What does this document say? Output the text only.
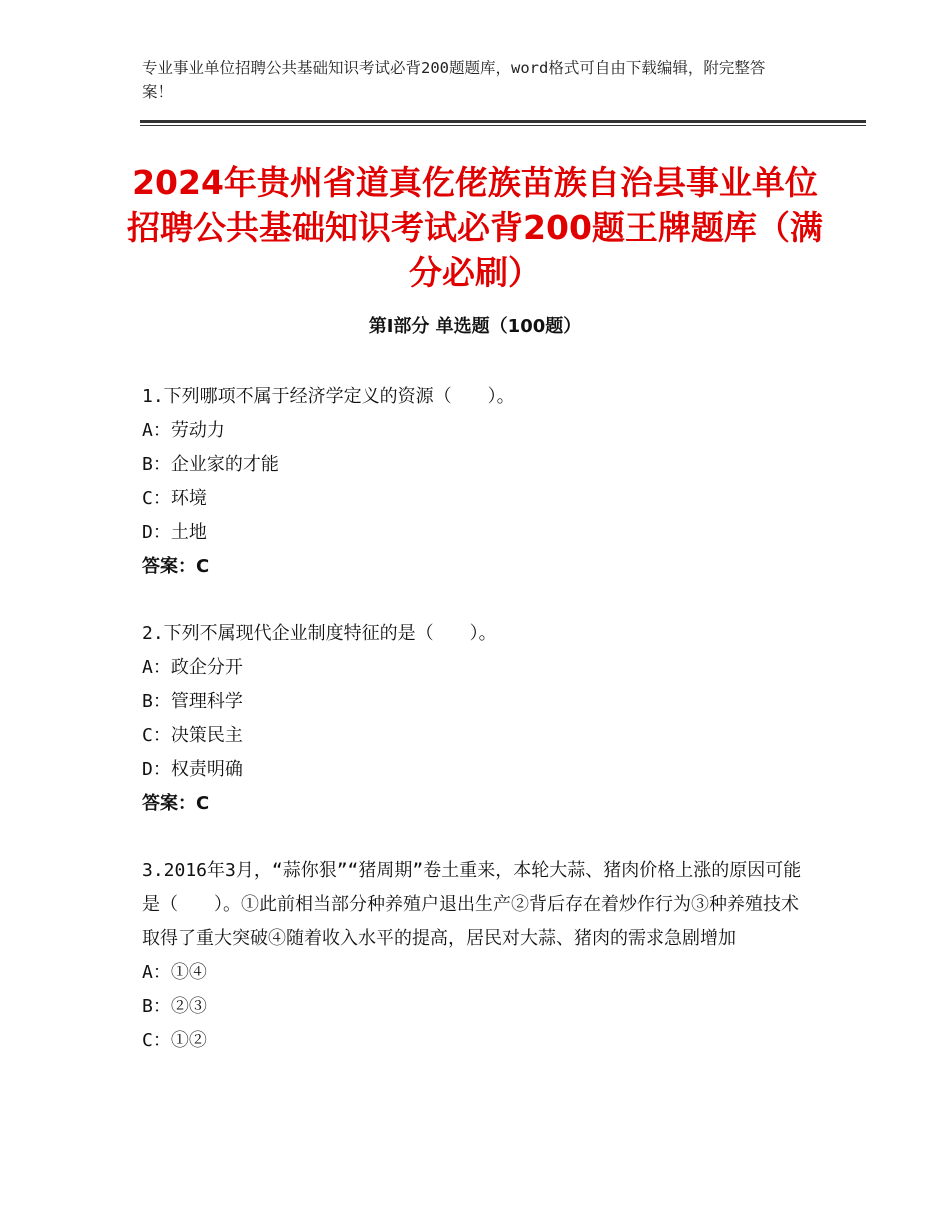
专业事业单位招聘公共基础知识考试必背200题题库，word格式可自由下载编辑，附完整答案！
2024年贵州省道真仡佬族苗族自治县事业单位招聘公共基础知识考试必背200题王牌题库（满分必刷）
第Ⅰ部分 单选题（100题）
1.下列哪项不属于经济学定义的资源（　　）。
A：劳动力
B：企业家的才能
C：环境
D：土地
答案：C
2.下列不属现代企业制度特征的是（　　）。
A：政企分开
B：管理科学
C：决策民主
D：权责明确
答案：C
3.2016年3月，“蒜你狠”“猪周期”卷土重来，本轮大蒜、猪肉价格上涨的原因可能是（　　）。①此前相当部分种养殖户退出生产②背后存在着炒作行为③种养殖技术取得了重大突破④随着收入水平的提高，居民对大蒜、猪肉的需求急剧增加
A：①④
B：②③
C：①②
